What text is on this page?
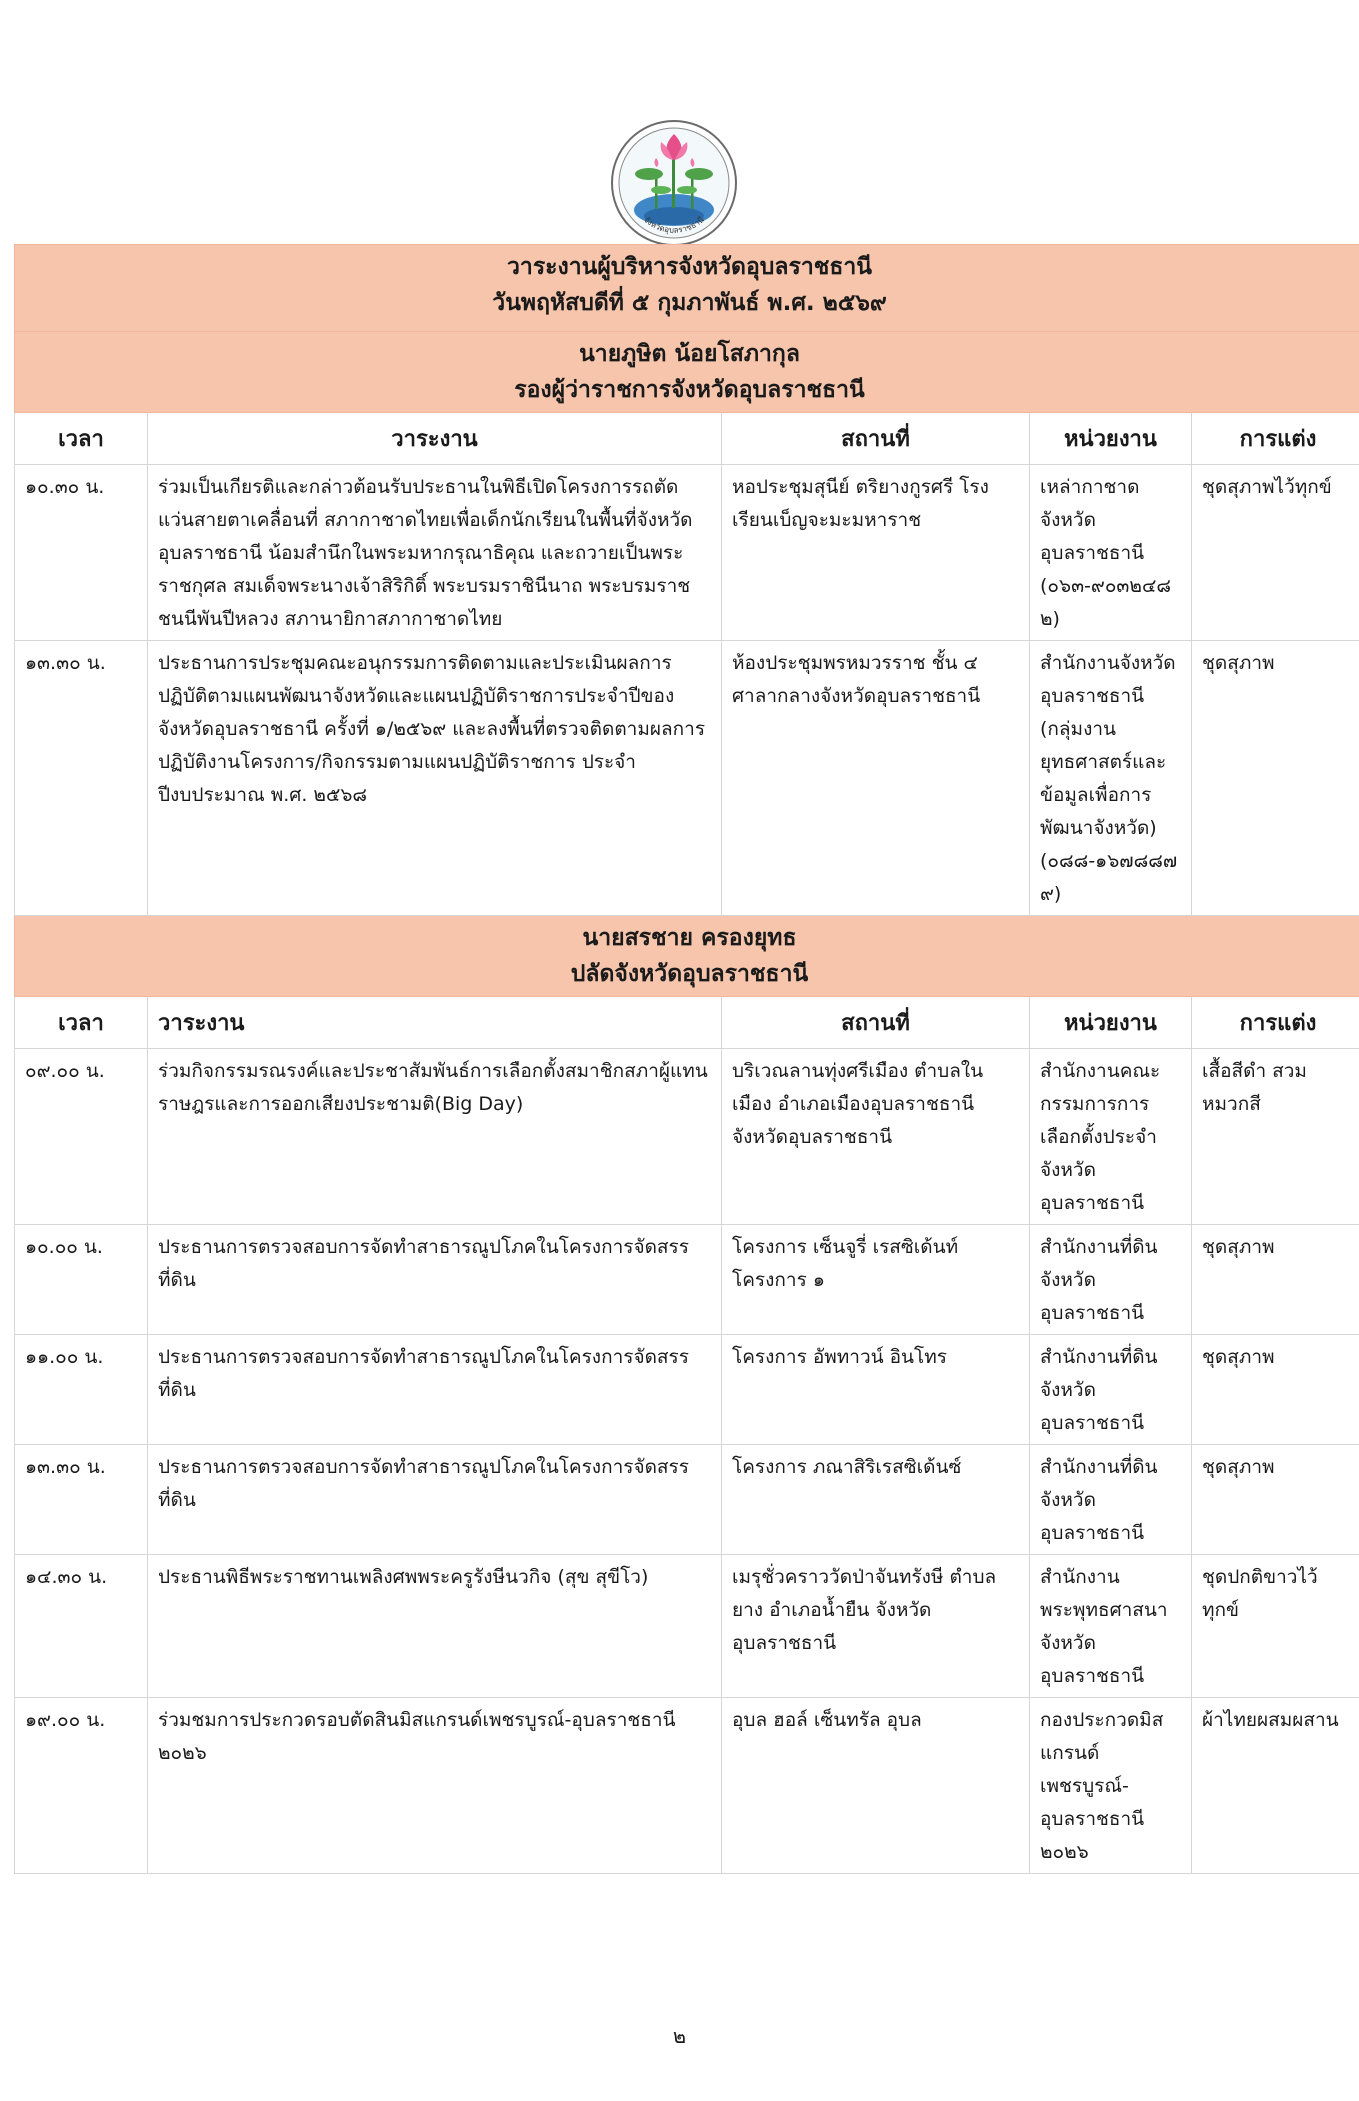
จังหวัดอุบลราชธานี
วาระงานผู้บริหารจังหวัดอุบลราชธานี
วันพฤหัสบดีที่ ๕ กุมภาพันธ์ พ.ศ. ๒๕๖๙				

นายภูษิต น้อยโสภากุล
รองผู้ว่าราชการจังหวัดอุบลราชธานี				

เวลา	วาระงาน	สถานที่	หน่วยงาน	การแต่ง
๑๐.๓๐ น.	ร่วมเป็นเกียรติและกล่าวต้อนรับประธานในพิธีเปิดโครงการรถตัดแว่นสายตาเคลื่อนที่ สภากาชาดไทยเพื่อเด็กนักเรียนในพื้นที่จังหวัดอุบลราชธานี น้อมสำนึกในพระมหากรุณาธิคุณ และถวายเป็นพระราชกุศล สมเด็จพระนางเจ้าสิริกิติ์ พระบรมราชินีนาถ พระบรมราชชนนีพันปีหลวง สภานายิกาสภากาชาดไทย	หอประชุมสุนีย์ ตริยางกูรศรี โรงเรียนเบ็ญจะมะมหาราช	เหล่ากาชาดจังหวัดอุบลราชธานี (๐๖๓-๙๐๓๒๔๘๒)	ชุดสุภาพไว้ทุกข์
๑๓.๓๐ น.	ประธานการประชุมคณะอนุกรรมการติดตามและประเมินผลการปฏิบัติตามแผนพัฒนาจังหวัดและแผนปฏิบัติราชการประจำปีของจังหวัดอุบลราชธานี ครั้งที่ ๑/๒๕๖๙ และลงพื้นที่ตรวจติดตามผลการปฏิบัติงานโครงการ/กิจกรรมตามแผนปฏิบัติราชการ ประจำปีงบประมาณ พ.ศ. ๒๕๖๘	ห้องประชุมพรหมวรราช ชั้น ๔ ศาลากลางจังหวัดอุบลราชธานี	สำนักงานจังหวัดอุบลราชธานี (กลุ่มงานยุทธศาสตร์และข้อมูลเพื่อการพัฒนาจังหวัด) (๐๘๘-๑๖๗๘๘๗๙)	ชุดสุภาพ

นายสรชาย ครองยุทธ
ปลัดจังหวัดอุบลราชธานี				

เวลา	วาระงาน	สถานที่	หน่วยงาน	การแต่ง
๐๙.๐๐ น.	ร่วมกิจกรรมรณรงค์และประชาสัมพันธ์การเลือกตั้งสมาชิกสภาผู้แทนราษฎรและการออกเสียงประชามติ(Big Day)	บริเวณลานทุ่งศรีเมือง ตำบลในเมือง อำเภอเมืองอุบลราชธานี จังหวัดอุบลราชธานี	สำนักงานคณะกรรมการการเลือกตั้งประจำจังหวัดอุบลราชธานี	เสื้อสีดำ สวมหมวกสี
๑๐.๐๐ น.	ประธานการตรวจสอบการจัดทำสาธารณูปโภคในโครงการจัดสรรที่ดิน	โครงการ เซ็นจูรี่ เรสซิเด้นท์ โครงการ ๑	สำนักงานที่ดินจังหวัดอุบลราชธานี	ชุดสุภาพ
๑๑.๐๐ น.	ประธานการตรวจสอบการจัดทำสาธารณูปโภคในโครงการจัดสรรที่ดิน	โครงการ อัพทาวน์ อินโทร	สำนักงานที่ดินจังหวัดอุบลราชธานี	ชุดสุภาพ
๑๓.๓๐ น.	ประธานการตรวจสอบการจัดทำสาธารณูปโภคในโครงการจัดสรรที่ดิน	โครงการ ภณาสิริเรสซิเด้นซ์	สำนักงานที่ดินจังหวัดอุบลราชธานี	ชุดสุภาพ
๑๔.๓๐ น.	ประธานพิธีพระราชทานเพลิงศพพระครูรังษีนวกิจ (สุข สุขีโว)	เมรุชั่วคราววัดป่าจันทรังษี ตำบลยาง อำเภอน้ำยืน จังหวัดอุบลราชธานี	สำนักงานพระพุทธศาสนาจังหวัดอุบลราชธานี	ชุดปกติขาวไว้ทุกข์
๑๙.๐๐ น.	ร่วมชมการประกวดรอบตัดสินมิสแกรนด์เพชรบูรณ์-อุบลราชธานี ๒๐๒๖	อุบล ฮอล์ เซ็นทรัล อุบล	กองประกวดมิสแกรนด์เพชรบูรณ์-อุบลราชธานี ๒๐๒๖	ผ้าไทยผสมผสาน
๒
